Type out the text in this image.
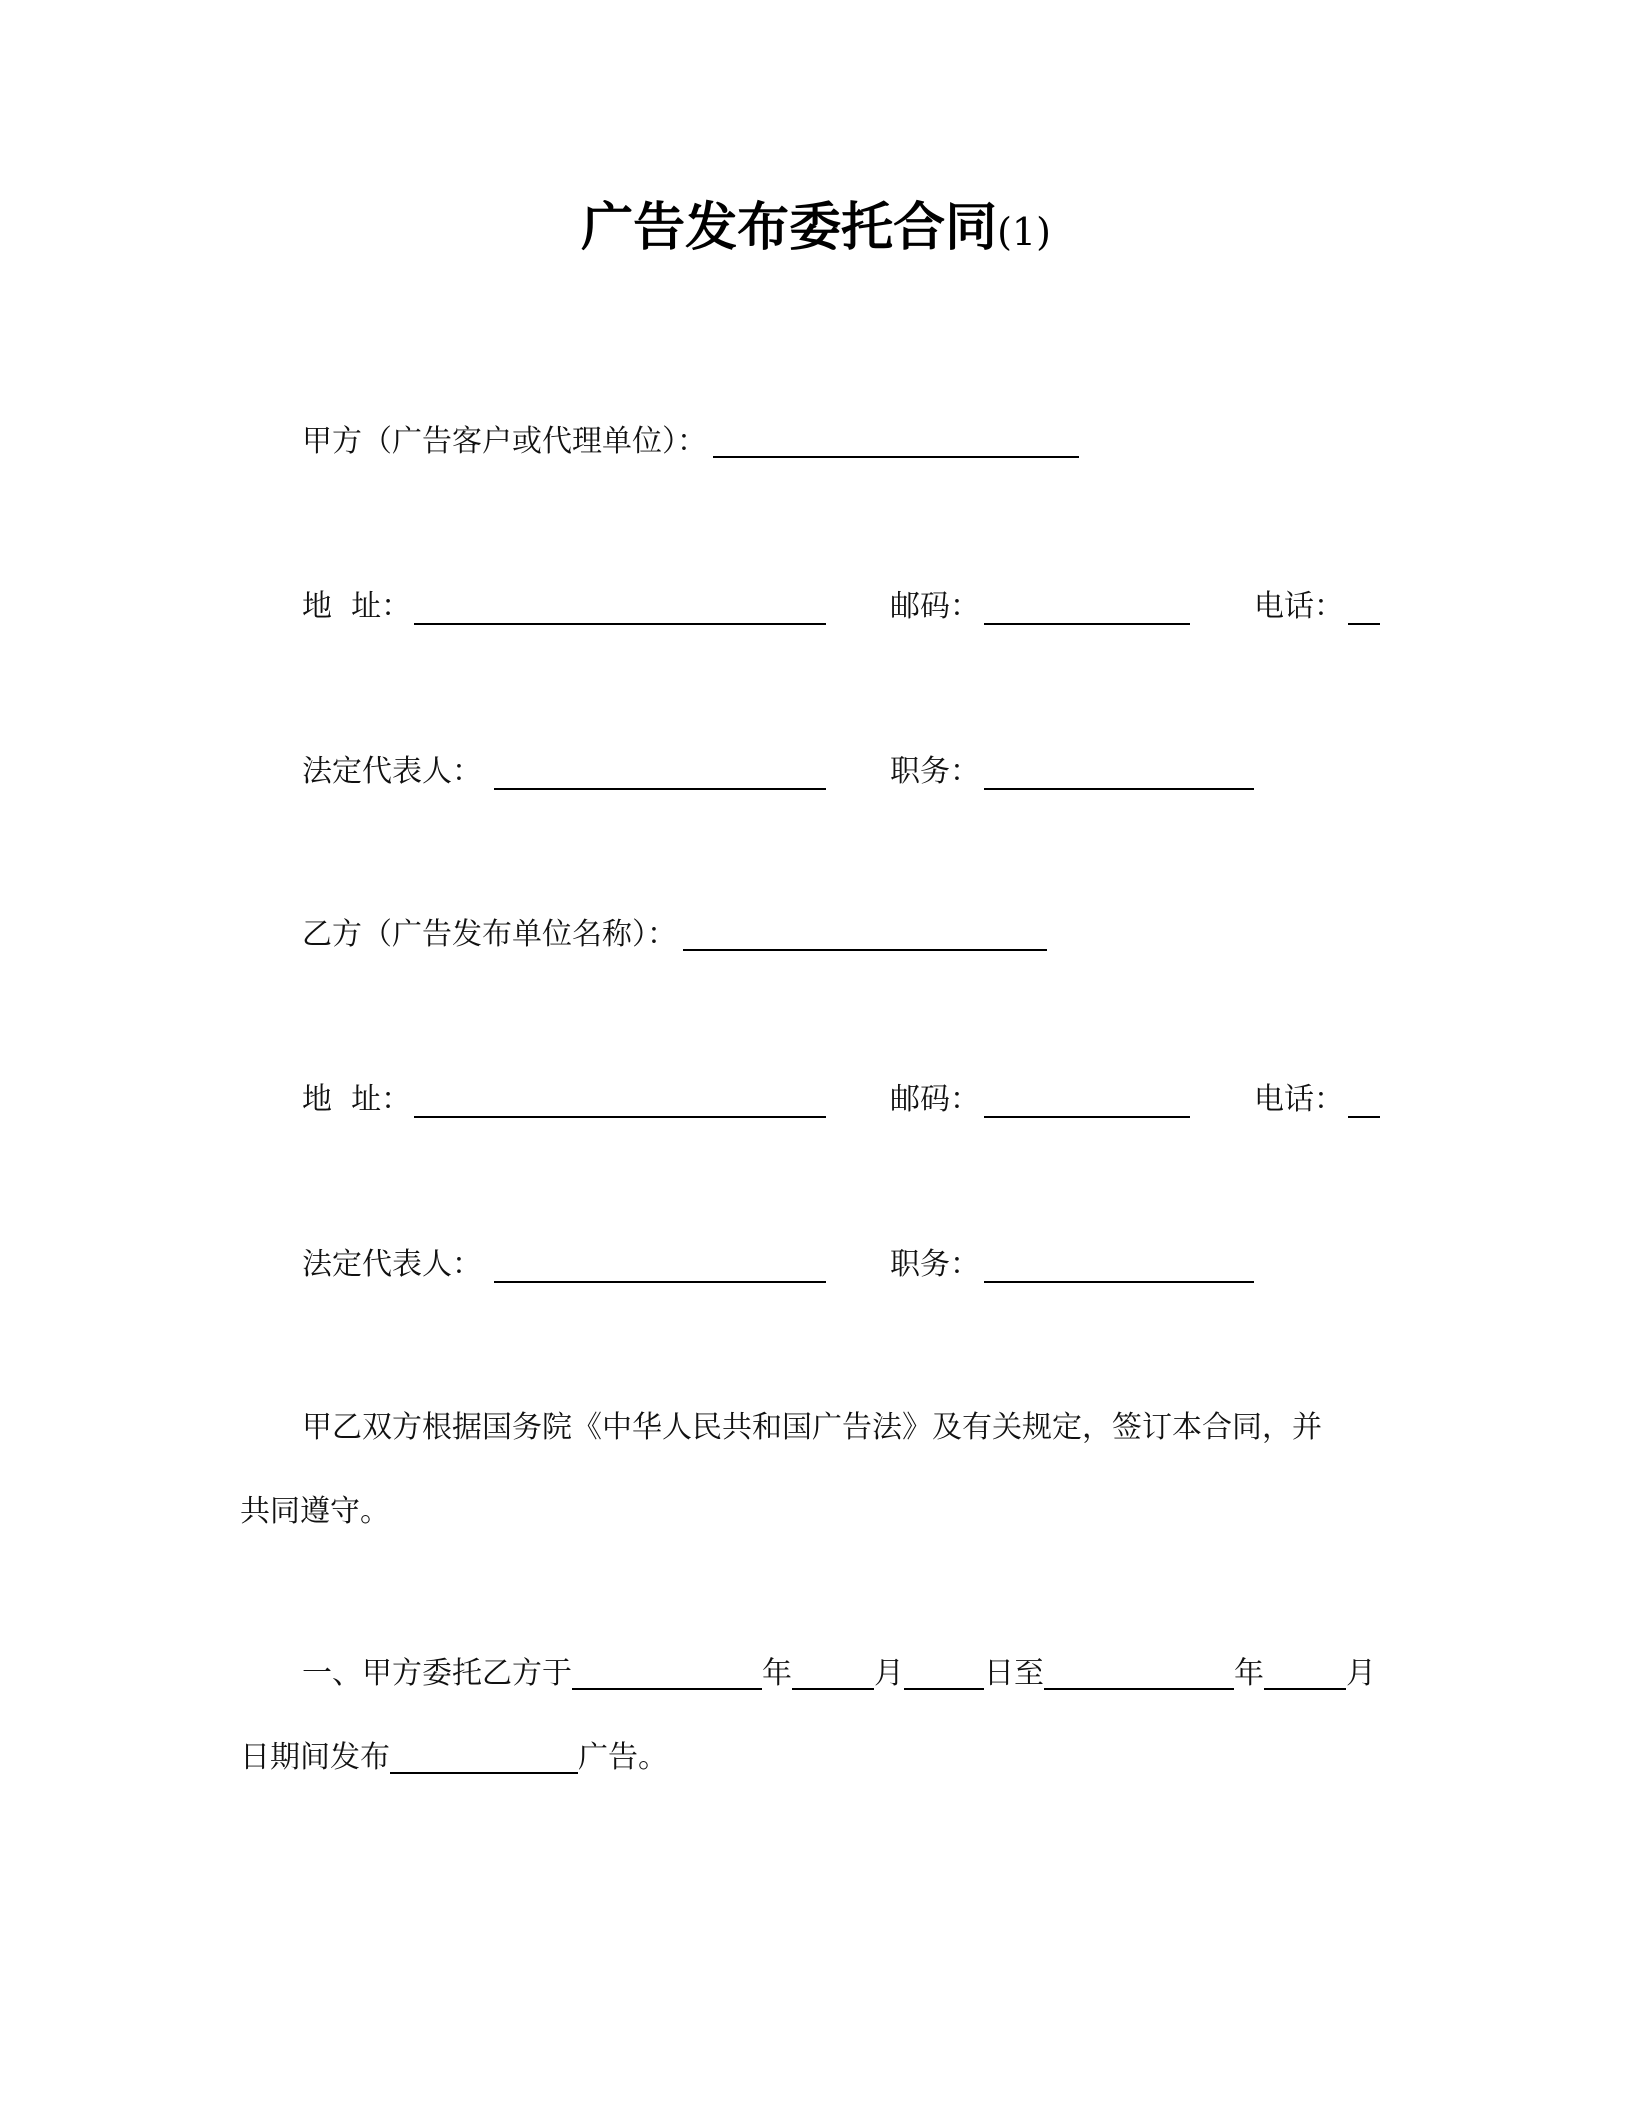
广告发布委托合同(1)
甲方（广告客户或代理单位）：
地  址：	邮码：	电话：
法定代表人：	职务：
乙方（广告发布单位名称）：
地  址：	邮码：	电话：
法定代表人：	职务：
甲乙双方根据国务院《中华人民共和国广告法》及有关规定，签订本合同，并
共同遵守。
一、甲方委托乙方于	年	月	日至	年	月
日期间发布	广告。
